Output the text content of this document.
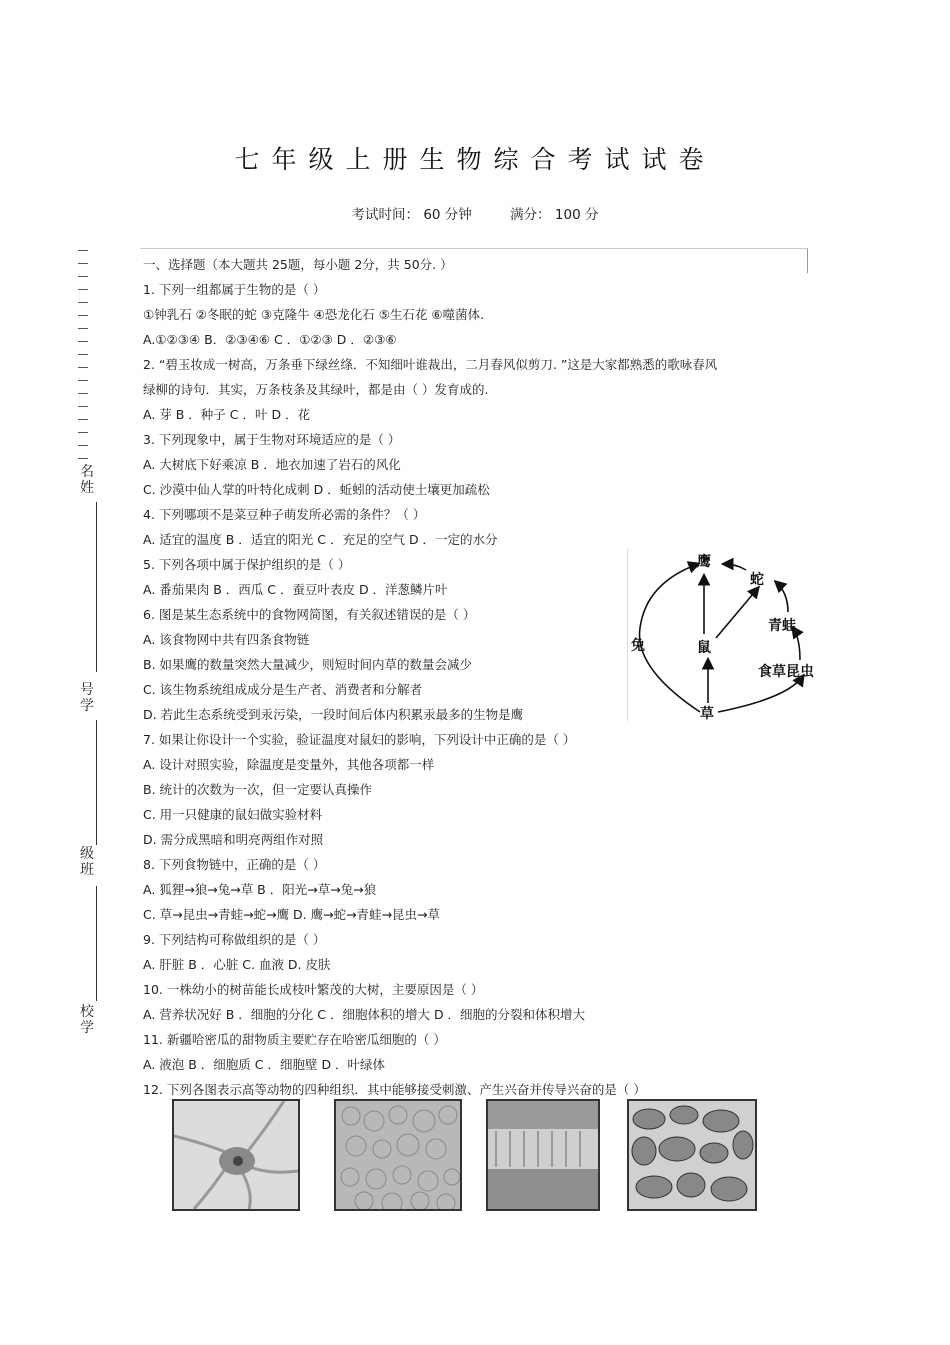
七年级上册生物综合考试试卷
考试时间： 60 分钟	满分： 100 分
名
姓
号
学
级
班
校
学
一、选择题（本大题共 25题，每小题 2分，共 50分. ）
1. 下列一组都属于生物的是（ ）
①钟乳石 ②冬眠的蛇 ③克隆牛 ④恐龙化石 ⑤生石花 ⑥噬菌体.
A.①②③④ B．②③④⑥ C ．①②③ D ．②③⑥
2. “碧玉妆成一树高，万条垂下绿丝绦．不知细叶谁裁出，二月春风似剪刀. ”这是大家都熟悉的歌咏春风
绿柳的诗句．其实，万条枝条及其绿叶，都是由（ ）发育成的.
A. 芽 B ．种子 C ．叶 D ．花
3. 下列现象中，属于生物对环境适应的是（ ）
A. 大树底下好乘凉 B ．地衣加速了岩石的风化
C. 沙漠中仙人掌的叶特化成刺 D ．蚯蚓的活动使土壤更加疏松
4. 下列哪项不是菜豆种子萌发所必需的条件？（ ）
A. 适宜的温度 B ．适宜的阳光 C ．充足的空气 D ．一定的水分
5. 下列各项中属于保护组织的是（ ）
A. 番茄果肉 B ．西瓜 C ．蚕豆叶表皮 D ．洋葱鳞片叶
6. 图是某生态系统中的食物网简图，有关叙述错误的是（ ）
A. 该食物网中共有四条食物链
B. 如果鹰的数量突然大量减少，则短时间内草的数量会减少
C. 该生物系统组成成分是生产者、消费者和分解者
D. 若此生态系统受到汞污染，一段时间后体内积累汞最多的生物是鹰
7. 如果让你设计一个实验，验证温度对鼠妇的影响，下列设计中正确的是（ ）
A. 设计对照实验，除温度是变量外，其他各项都一样
B. 统计的次数为一次，但一定要认真操作
C. 用一只健康的鼠妇做实验材料
D. 需分成黑暗和明亮两组作对照
8. 下列食物链中，正确的是（ ）
A. 狐狸→狼→兔→草 B ．阳光→草→兔→狼
C. 草→昆虫→青蛙→蛇→鹰 D. 鹰→蛇→青蛙→昆虫→草
9. 下列结构可称做组织的是（ ）
A. 肝脏 B ．心脏 C. 血液 D. 皮肤
10. 一株幼小的树苗能长成枝叶繁茂的大树，主要原因是（ ）
A. 营养状况好 B ．细胞的分化 C ．细胞体积的增大 D ．细胞的分裂和体积增大
11. 新疆哈密瓜的甜物质主要贮存在哈密瓜细胞的（ ）
A. 液泡 B ．细胞质 C ．细胞壁 D ．叶绿体
12. 下列各图表示高等动物的四种组织．其中能够接受刺激、产生兴奋并传导兴奋的是（ ）
鹰
蛇
青蛙
兔	鼠
食草昆虫
草
